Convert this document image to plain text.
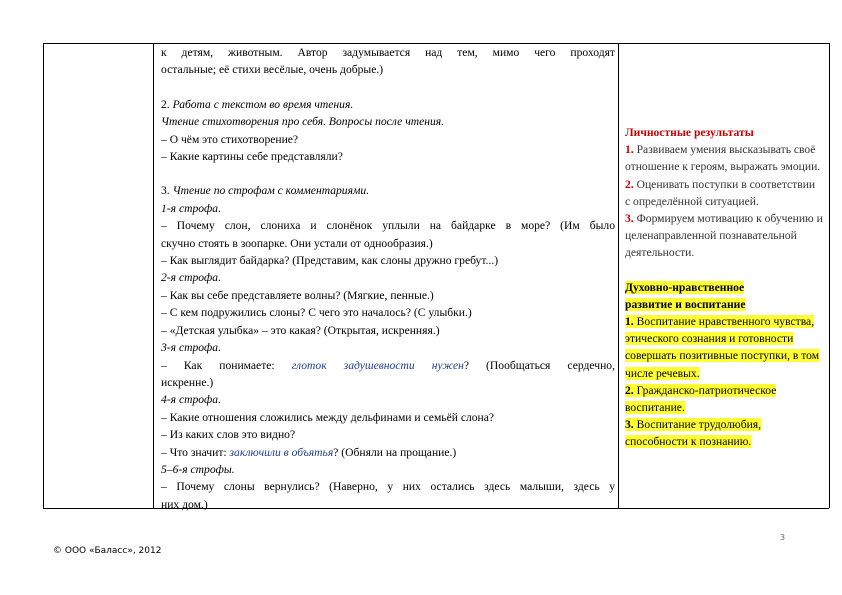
к детям, животным. Автор задумывается над тем, мимо чего проходят

остальные; её стихи весёлые, очень добрые.)

2. Работа с текстом во время чтения.

Чтение стихотворения про себя. Вопросы после чтения.

– О чём это стихотворение?

– Какие картины себе представляли?

3. Чтение по строфам с комментариями.

1-я строфа.

– Почему слон, слониха и слонёнок уплыли на байдарке в море? (Им было

скучно стоять в зоопарке. Они устали от однообразия.)

– Как выглядит байдарка? (Представим, как слоны дружно гребут...)

2-я строфа.

– Как вы себе представляете волны? (Мягкие, пенные.)

– С кем подружились слоны? С чего это началось? (С улыбки.)

– «Детская улыбка» – это какая? (Открытая, искренняя.)

3-я строфа.

– Как понимаете: глоток задушевности нужен? (Пообщаться сердечно,

искренне.)

4-я строфа.

– Какие отношения сложились между дельфинами и семьёй слона?

– Из каких слов это видно?

– Что значит: заключили в объятья? (Обняли на прощание.)

5–6-я строфы.

– Почему слоны вернулись? (Наверно, у них остались здесь малыши, здесь у

них дом.)

Личностные результаты

1. Развиваем умения высказывать своё отношение к героям, выражать эмоции.

2. Оценивать поступки в соответствии с определённой ситуацией.

3. Формируем мотивацию к обучению и целенаправленной познавательной деятельности.

Духовно-нравственное

развитие и воспитание

1. Воспитание нравственного чувства, этического сознания и готовности совершать позитивные поступки, в том числе речевых.

2. Гражданско-патриотическое воспитание.

3. Воспитание трудолюбия, способности к познанию.

3
© ООО «Баласс», 2012
